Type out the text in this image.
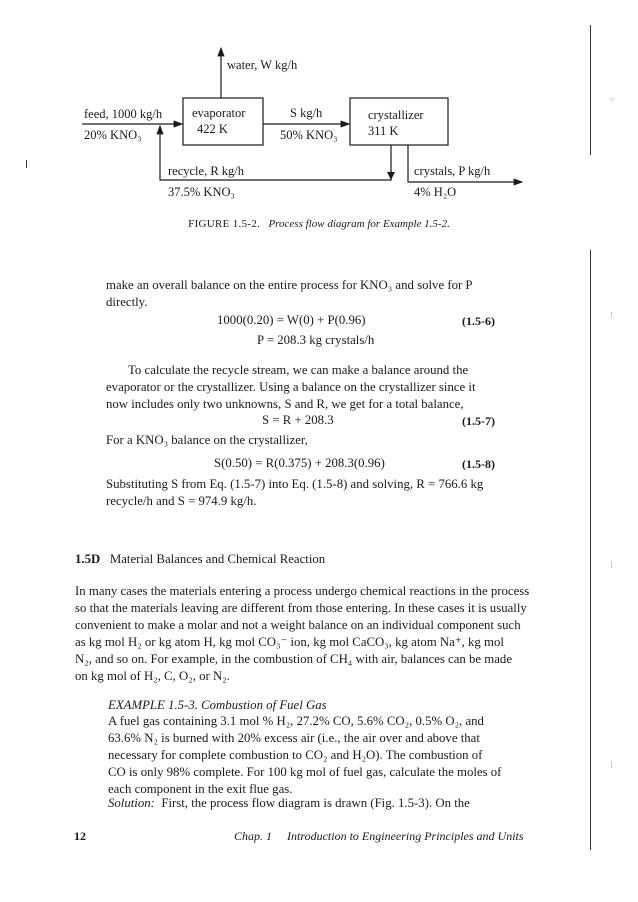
water, W kg/h
feed, 1000 kg/h
20% KNO₃
evaporator
422 K
S kg/h
50% KNO₃
crystallizer
311 K
recycle, R kg/h
37.5% KNO₃
crystals, P kg/h
4% H₂O
FIGURE 1.5-2. Process flow diagram for Example 1.5-2.
make an overall balance on the entire process for KNO₃ and solve for P
directly.
1000(0.20) = W(0) + P(0.96)	(1.5-6)
P = 208.3 kg crystals/h
To calculate the recycle stream, we can make a balance around the
evaporator or the crystallizer. Using a balance on the crystallizer since it
now includes only two unknowns, S and R, we get for a total balance,
S = R + 208.3	(1.5-7)
For a KNO₃ balance on the crystallizer,
S(0.50) = R(0.375) + 208.3(0.96)	(1.5-8)
Substituting S from Eq. (1.5-7) into Eq. (1.5-8) and solving, R = 766.6 kg
recycle/h and S = 974.9 kg/h.
1.5D Material Balances and Chemical Reaction
In many cases the materials entering a process undergo chemical reactions in the process
so that the materials leaving are different from those entering. In these cases it is usually
convenient to make a molar and not a weight balance on an individual component such
as kg mol H₂ or kg atom H, kg mol CO₃⁻ ion, kg mol CaCO₃, kg atom Na⁺, kg mol
N₂, and so on. For example, in the combustion of CH₄ with air, balances can be made
on kg mol of H₂, C, O₂, or N₂.
EXAMPLE 1.5-3. Combustion of Fuel Gas
A fuel gas containing 3.1 mol % H₂, 27.2% CO, 5.6% CO₂, 0.5% O₂, and
63.6% N₂ is burned with 20% excess air (i.e., the air over and above that
necessary for complete combustion to CO₂ and H₂O). The combustion of
CO is only 98% complete. For 100 kg mol of fuel gas, calculate the moles of
each component in the exit flue gas.
Solution: First, the process flow diagram is drawn (Fig. 1.5-3). On the
12	Chap. 1 Introduction to Engineering Principles and Units
⁘
⁝
⁝
⁝
